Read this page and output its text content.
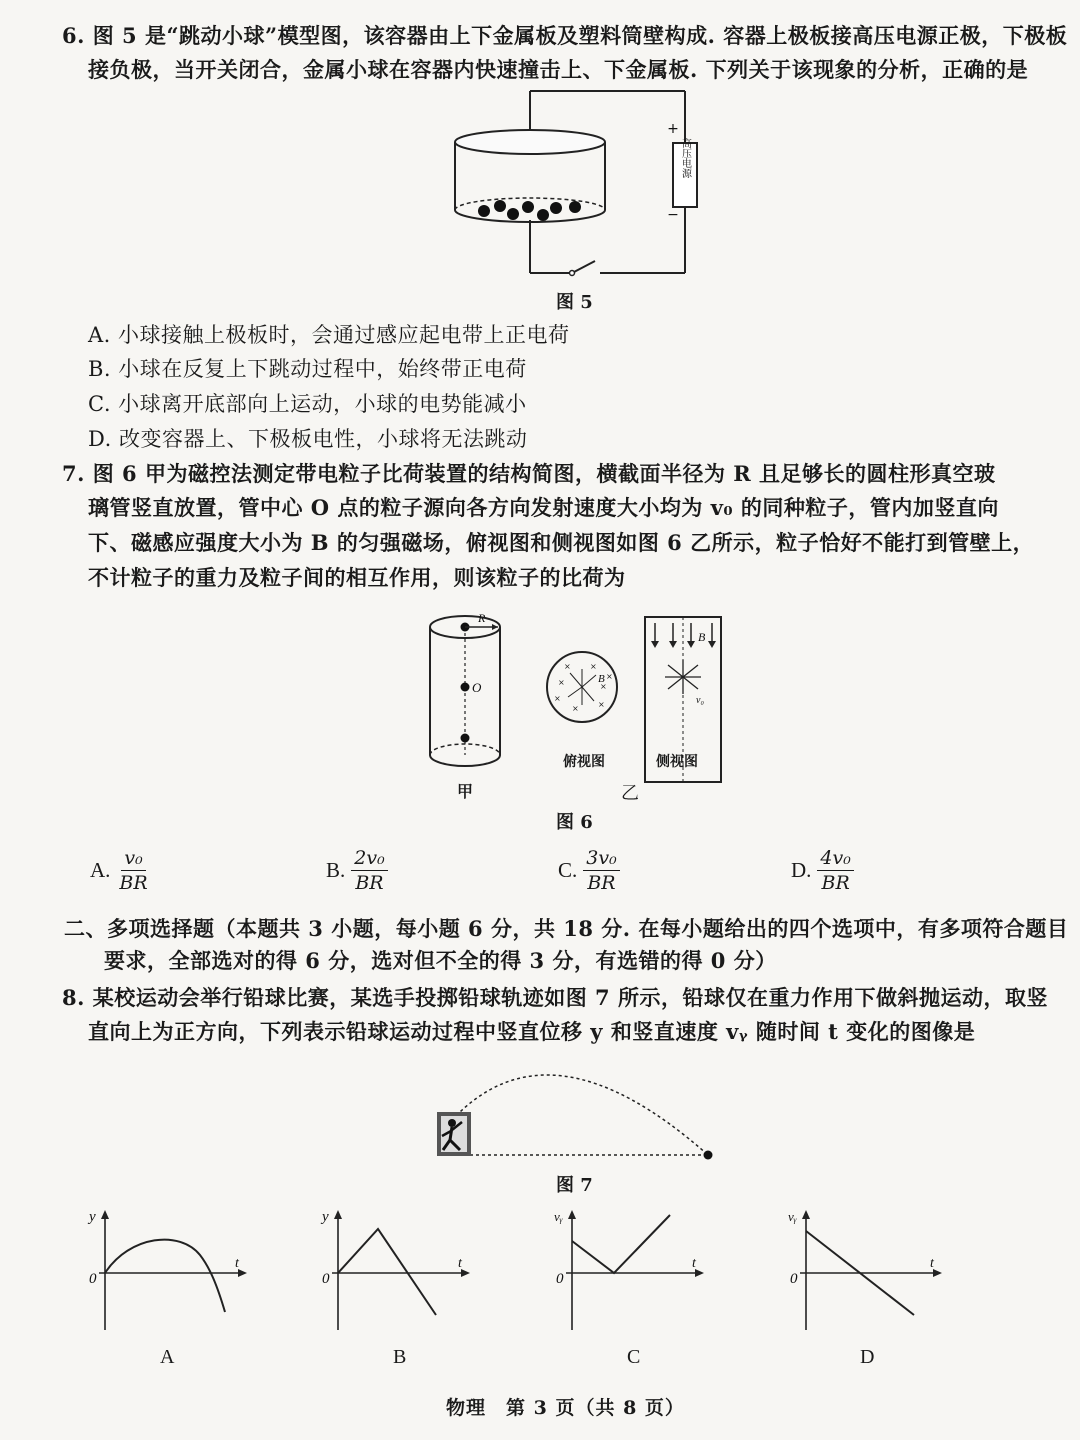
6. 图 5 是“跳动小球”模型图，该容器由上下金属板及塑料筒壁构成. 容器上极板接高压电源正极，下极板
接负极，当开关闭合，金属小球在容器内快速撞击上、下金属板. 下列关于该现象的分析，正确的是
高压电源
+
−
图 5
A. 小球接触上极板时，会通过感应起电带上正电荷
B. 小球在反复上下跳动过程中，始终带正电荷
C. 小球离开底部向上运动，小球的电势能减小
D. 改变容器上、下极板电性，小球将无法跳动
7. 图 6 甲为磁控法测定带电粒子比荷装置的结构简图，横截面半径为 R 且足够长的圆柱形真空玻
璃管竖直放置，管中心 O 点的粒子源向各方向发射速度大小均为 v₀ 的同种粒子，管内加竖直向
下、磁感应强度大小为 B 的匀强磁场，俯视图和侧视图如图 6 乙所示，粒子恰好不能打到管壁上，
不计粒子的重力及粒子间的相互作用，则该粒子的比荷为
R
O	×	×
×
×
×
×
×
×
B
B
v₀
俯视图	侧视图
甲	乙
图 6
A. $\frac{\text{v₀}}{BR}$	B. $\frac{\text{2v₀}}{BR}$	C. $\frac{\text{3v₀}}{BR}$	D. $\frac{\text{4v₀}}{BR}$
二、多项选择题（本题共 3 小题，每小题 6 分，共 18 分. 在每小题给出的四个选项中，有多项符合题目
要求，全部选对的得 6 分，选对但不全的得 3 分，有选错的得 0 分）
8. 某校运动会举行铅球比赛，某选手投掷铅球轨迹如图 7 所示，铅球仅在重力作用下做斜抛运动，取竖
直向上为正方向，下列表示铅球运动过程中竖直位移 y 和竖直速度 vᵧ 随时间 t 变化的图像是
图 7
y
0
t
A
y
0
t
B
vᵧ
0
t
C
vᵧ
0
t
D
物理　第 3 页（共 8 页）
